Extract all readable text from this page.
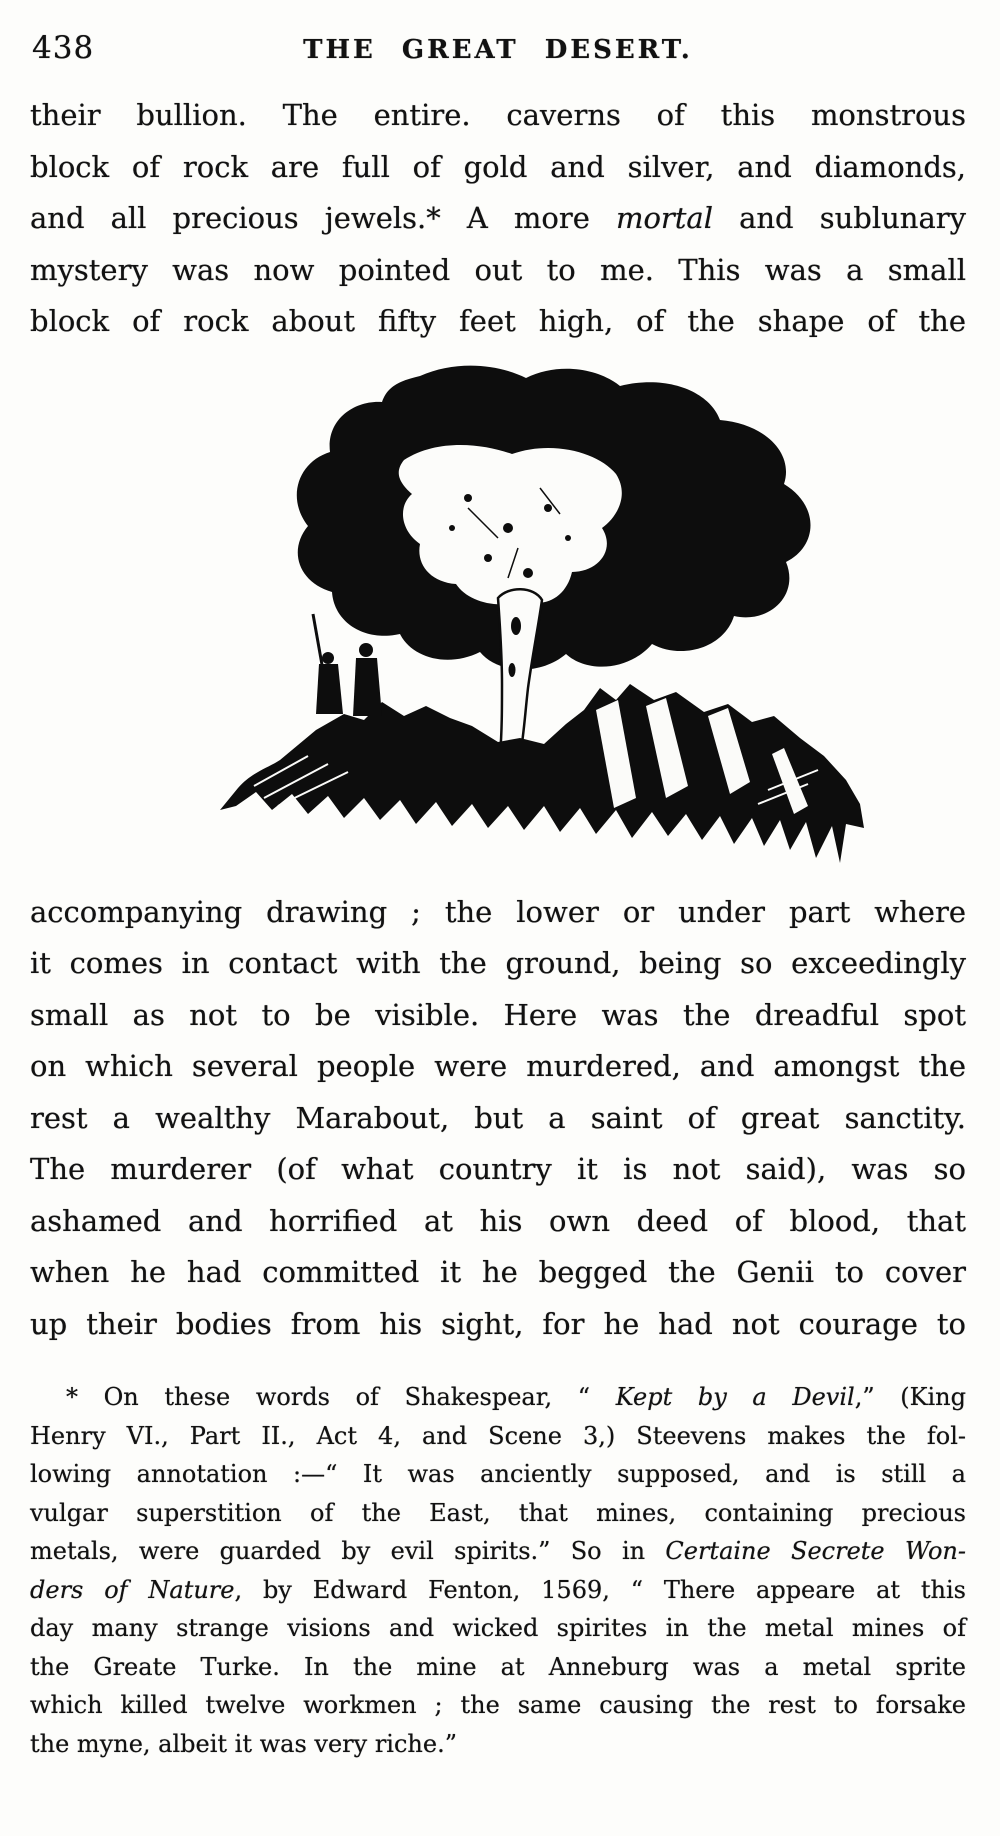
438	THE GREAT DESERT.
their bullion. The entire. caverns of this monstrous
block of rock are full of gold and silver, and diamonds,
and all precious jewels.* A more mortal and sublunary
mystery was now pointed out to me. This was a small
block of rock about fifty feet high, of the shape of the
accompanying drawing ; the lower or under part where
it comes in contact with the ground, being so exceedingly
small as not to be visible. Here was the dreadful spot
on which several people were murdered, and amongst the
rest a wealthy Marabout, but a saint of great sanctity.
The murderer (of what country it is not said), was so
ashamed and horrified at his own deed of blood, that
when he had committed it he begged the Genii to cover
up their bodies from his sight, for he had not courage to
* On these words of Shakespear, “ Kept by a Devil,” (King
Henry VI., Part II., Act 4, and Scene 3,) Steevens makes the fol-
lowing annotation :—“ It was anciently supposed, and is still a
vulgar superstition of the East, that mines, containing precious
metals, were guarded by evil spirits.” So in Certaine Secrete Won-
ders of Nature, by Edward Fenton, 1569, “ There appeare at this
day many strange visions and wicked spirites in the metal mines of
the Greate Turke. In the mine at Anneburg was a metal sprite
which killed twelve workmen ; the same causing the rest to forsake
the myne, albeit it was very riche.”
